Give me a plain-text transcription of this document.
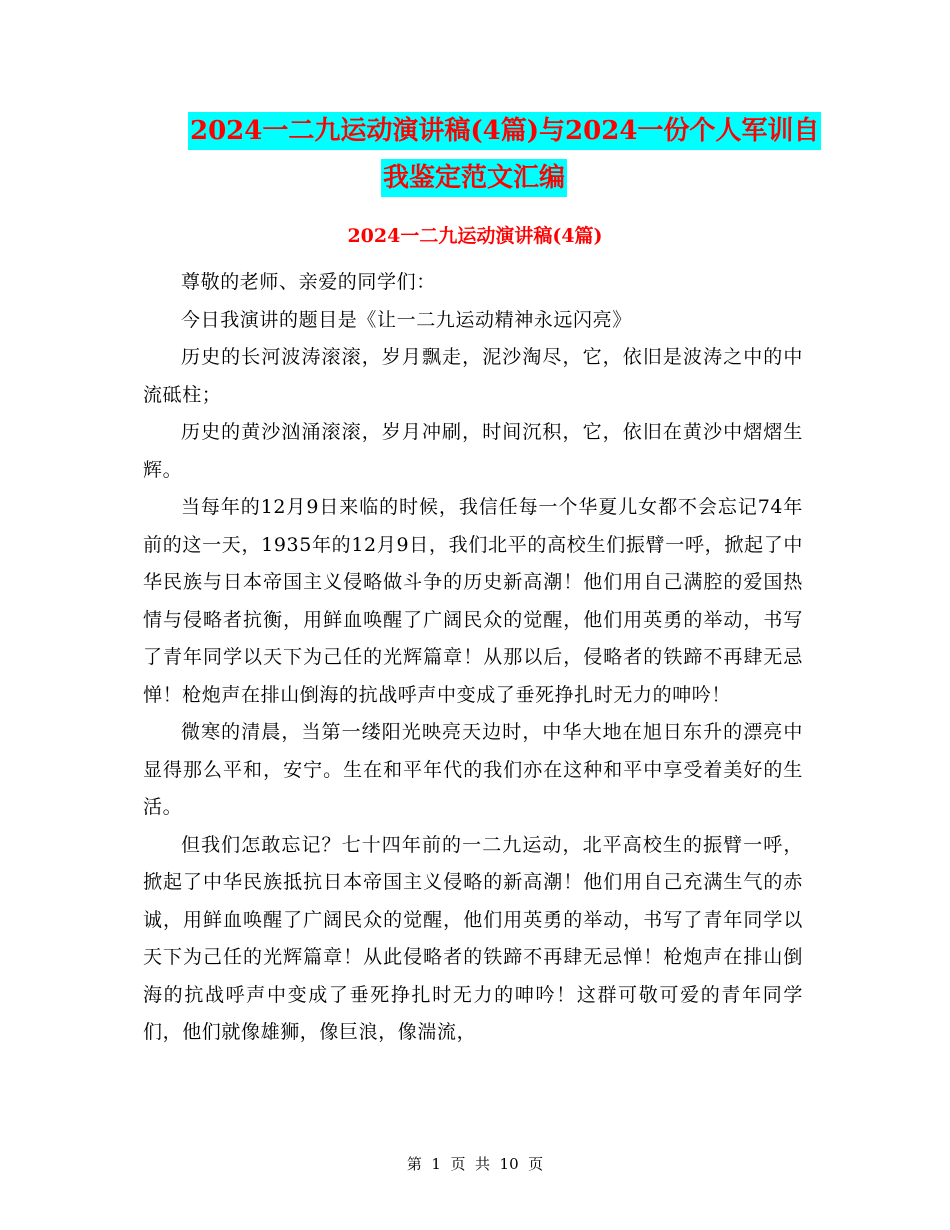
2024一二九运动演讲稿(4篇)与2024一份个人军训自
我鉴定范文汇编
2024一二九运动演讲稿(4篇)

尊敬的老师、亲爱的同学们：

今日我演讲的题目是《让一二九运动精神永远闪亮》

历史的长河波涛滚滚，岁月飘走，泥沙淘尽，它，依旧是波涛之中的中流砥柱；

历史的黄沙汹涌滚滚，岁月冲刷，时间沉积，它，依旧在黄沙中熠熠生辉。

当每年的12月9日来临的时候，我信任每一个华夏儿女都不会忘记74年前的这一天，1935年的12月9日，我们北平的高校生们振臂一呼，掀起了中华民族与日本帝国主义侵略做斗争的历史新高潮！他们用自己满腔的爱国热情与侵略者抗衡，用鲜血唤醒了广阔民众的觉醒，他们用英勇的举动，书写了青年同学以天下为己任的光辉篇章！从那以后，侵略者的铁蹄不再肆无忌惮！枪炮声在排山倒海的抗战呼声中变成了垂死挣扎时无力的呻吟！

微寒的清晨，当第一缕阳光映亮天边时，中华大地在旭日东升的漂亮中显得那么平和，安宁。生在和平年代的我们亦在这种和平中享受着美好的生活。

但我们怎敢忘记？七十四年前的一二九运动，北平高校生的振臂一呼，掀起了中华民族抵抗日本帝国主义侵略的新高潮！他们用自己充满生气的赤诚，用鲜血唤醒了广阔民众的觉醒，他们用英勇的举动，书写了青年同学以天下为己任的光辉篇章！从此侵略者的铁蹄不再肆无忌惮！枪炮声在排山倒海的抗战呼声中变成了垂死挣扎时无力的呻吟！这群可敬可爱的青年同学们，他们就像雄狮，像巨浪，像湍流，

第  1  页  共  10  页
